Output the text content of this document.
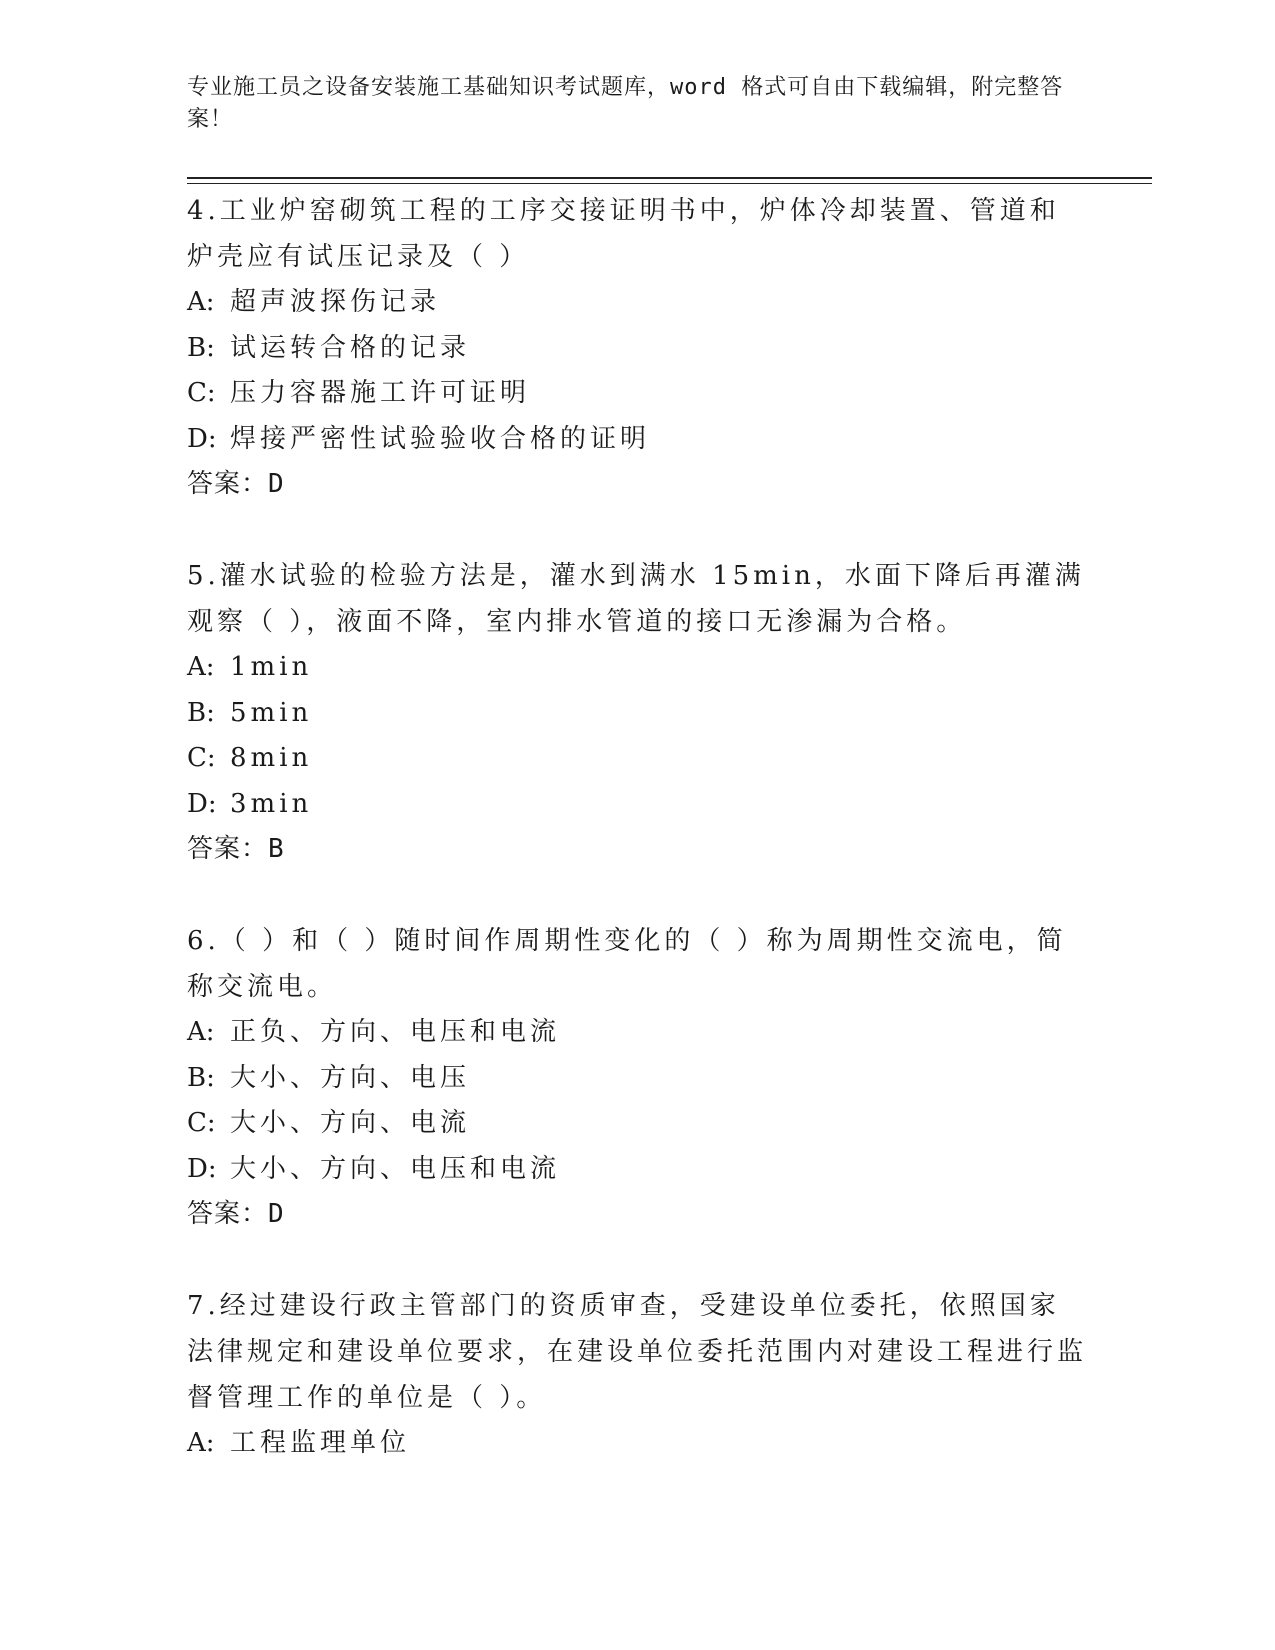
专业施工员之设备安装施工基础知识考试题库，word 格式可自由下载编辑，附完整答案！
4.工业炉窑砌筑工程的工序交接证明书中，炉体冷却装置、管道和炉壳应有试压记录及（ ）
A: 超声波探伤记录
B: 试运转合格的记录
C: 压力容器施工许可证明
D: 焊接严密性试验验收合格的证明
答案：D
5.灌水试验的检验方法是，灌水到满水 15min，水面下降后再灌满观察（ ），液面不降，室内排水管道的接口无渗漏为合格。
A: 1min
B: 5min
C: 8min
D: 3min
答案：B
6.（ ）和（ ）随时间作周期性变化的（ ）称为周期性交流电，简称交流电。
A: 正负、方向、电压和电流
B: 大小、方向、电压
C: 大小、方向、电流
D: 大小、方向、电压和电流
答案：D
7.经过建设行政主管部门的资质审查，受建设单位委托，依照国家法律规定和建设单位要求，在建设单位委托范围内对建设工程进行监督管理工作的单位是（ ）。
A: 工程监理单位
